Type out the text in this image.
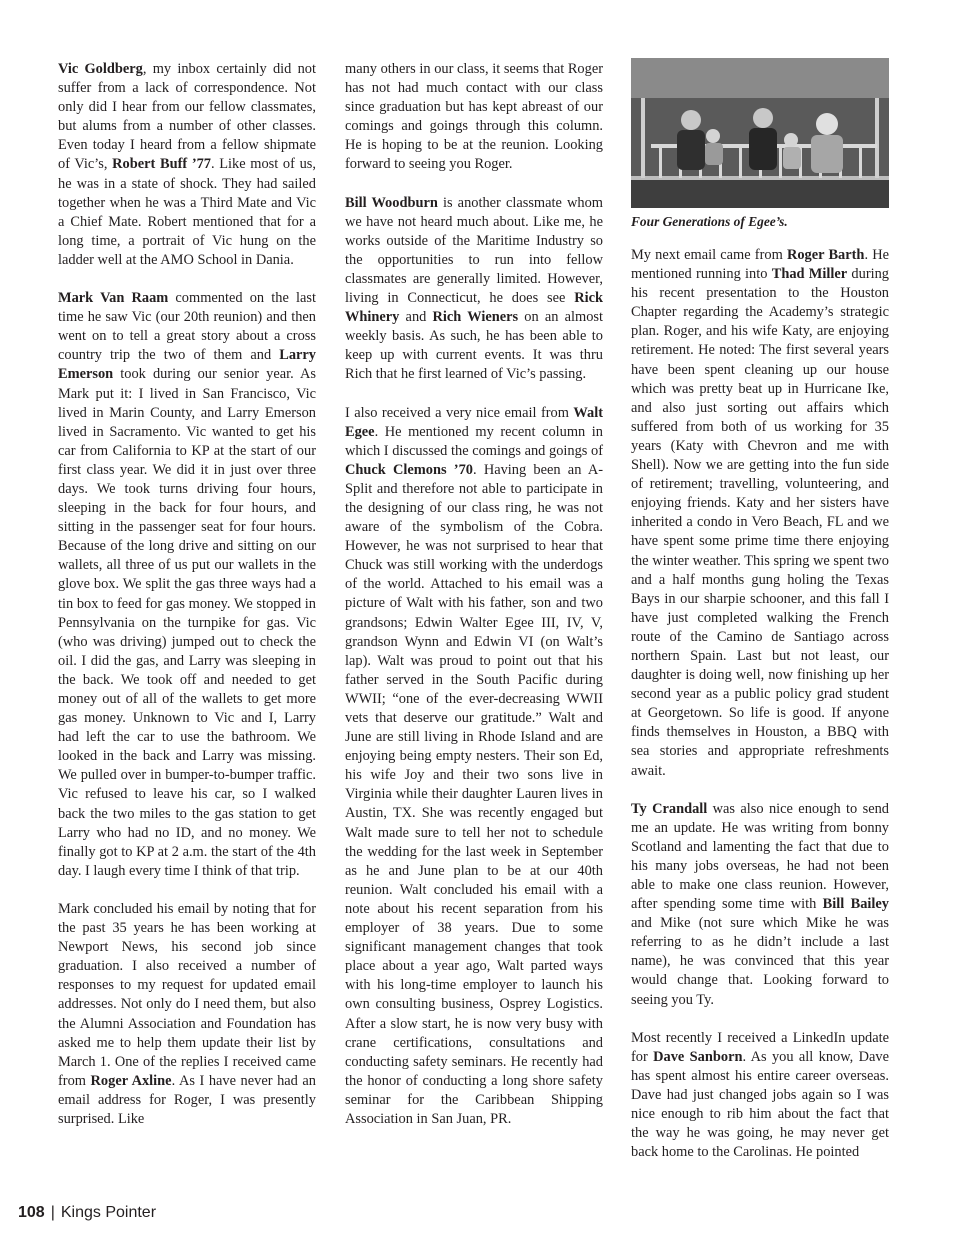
Vic Goldberg, my inbox certainly did not suffer from a lack of correspondence. Not only did I hear from our fellow classmates, but alums from a number of other classes. Even today I heard from a fellow shipmate of Vic’s, Robert Buff ’77. Like most of us, he was in a state of shock. They had sailed together when he was a Third Mate and Vic a Chief Mate. Robert mentioned that for a long time, a portrait of Vic hung on the ladder well at the AMO School in Dania.

Mark Van Raam commented on the last time he saw Vic (our 20th reunion) and then went on to tell a great story about a cross country trip the two of them and Larry Emerson took during our senior year. As Mark put it: I lived in San Francisco, Vic lived in Marin County, and Larry Emerson lived in Sacramento. Vic wanted to get his car from California to KP at the start of our first class year. We did it in just over three days. We took turns driving four hours, sleeping in the back for four hours, and sitting in the passenger seat for four hours. Because of the long drive and sitting on our wallets, all three of us put our wallets in the glove box. We split the gas three ways had a tin box to feed for gas money. We stopped in Pennsylvania on the turnpike for gas. Vic (who was driving) jumped out to check the oil. I did the gas, and Larry was sleeping in the back. We took off and needed to get money out of all of the wallets to get more gas money. Unknown to Vic and I, Larry had left the car to use the bathroom. We looked in the back and Larry was missing. We pulled over in bumper-to-bumper traffic. Vic refused to leave his car, so I walked back the two miles to the gas station to get Larry who had no ID, and no money. We finally got to KP at 2 a.m. the start of the 4th day. I laugh every time I think of that trip.

Mark concluded his email by noting that for the past 35 years he has been working at Newport News, his second job since graduation. I also received a number of responses to my request for updated email addresses. Not only do I need them, but also the Alumni Association and Foundation has asked me to help them update their list by March 1. One of the replies I received came from Roger Axline. As I have never had an email address for Roger, I was presently surprised. Like

many others in our class, it seems that Roger has not had much contact with our class since graduation but has kept abreast of our comings and goings through this column. He is hoping to be at the reunion. Looking forward to seeing you Roger.

Bill Woodburn is another classmate whom we have not heard much about. Like me, he works outside of the Maritime Industry so the opportunities to run into fellow classmates are generally limited. However, living in Connecticut, he does see Rick Whinery and Rich Wieners on an almost weekly basis. As such, he has been able to keep up with current events. It was thru Rich that he first learned of Vic’s passing.

I also received a very nice email from Walt Egee. He mentioned my recent column in which I discussed the comings and goings of Chuck Clemons ’70. Having been an A-Split and therefore not able to participate in the designing of our class ring, he was not aware of the symbolism of the Cobra. However, he was not surprised to hear that Chuck was still working with the underdogs of the world. Attached to his email was a picture of Walt with his father, son and two grandsons; Edwin Walter Egee III, IV, V, grandson Wynn and Edwin VI (on Walt’s lap). Walt was proud to point out that his father served in the South Pacific during WWII; “one of the ever-decreasing WWII vets that deserve our gratitude.” Walt and June are still living in Rhode Island and are enjoying being empty nesters. Their son Ed, his wife Joy and their two sons live in Virginia while their daughter Lauren lives in Austin, TX. She was recently engaged but Walt made sure to tell her not to schedule the wedding for the last week in September as he and June plan to be at our 40th reunion. Walt concluded his email with a note about his recent separation from his employer of 38 years. Due to some significant management changes that took place about a year ago, Walt parted ways with his long-time employer to launch his own consulting business, Osprey Logistics. After a slow start, he is now very busy with crane certifications, consultations and conducting safety seminars. He recently had the honor of conducting a long shore safety seminar for the Caribbean Shipping Association in San Juan, PR.

Four Generations of Egee’s.

My next email came from Roger Barth. He mentioned running into Thad Miller during his recent presentation to the Houston Chapter regarding the Academy’s strategic plan. Roger, and his wife Katy, are enjoying retirement. He noted: The first several years have been spent cleaning up our house which was pretty beat up in Hurricane Ike, and also just sorting out affairs which suffered from both of us working for 35 years (Katy with Chevron and me with Shell). Now we are getting into the fun side of retirement; travelling, volunteering, and enjoying friends. Katy and her sisters have inherited a condo in Vero Beach, FL and we have spent some prime time there enjoying the winter weather. This spring we spent two and a half months gung holing the Texas Bays in our sharpie schooner, and this fall I have just completed walking the French route of the Camino de Santiago across northern Spain. Last but not least, our daughter is doing well, now finishing up her second year as a public policy grad student at Georgetown. So life is good. If anyone finds themselves in Houston, a BBQ with sea stories and appropriate refreshments await.

Ty Crandall was also nice enough to send me an update. He was writing from bonny Scotland and lamenting the fact that due to his many jobs overseas, he had not been able to make one class reunion. However, after spending some time with Bill Bailey and Mike (not sure which Mike he was referring to as he didn’t include a last name), he was convinced that this year would change that. Looking forward to seeing you Ty.

Most recently I received a LinkedIn update for Dave Sanborn. As you all know, Dave has spent almost his entire career overseas. Dave had just changed jobs again so I was nice enough to rib him about the fact that the way he was going, he may never get back home to the Carolinas. He pointed

108 | Kings Pointer
